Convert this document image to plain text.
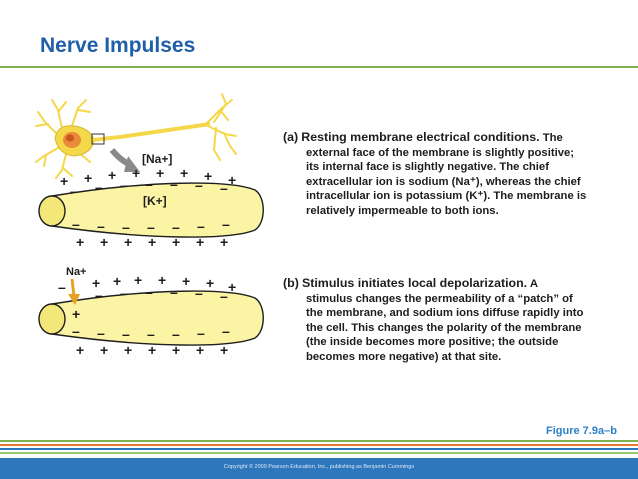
Nerve Impulses
[Na+]
[K+]
+ + + + + + + +
– – – – – – –
– – – – – – –
+ + + + + + +
Na+
+ + + + + + +
–
+
– – – – – –
– – – – – – –
+ + + + + + +
(a) Resting membrane electrical conditions. The
external face of the membrane is slightly positive;
its internal face is slightly negative. The chief
extracellular ion is sodium (Na⁺), whereas the chief
intracellular ion is potassium (K⁺). The membrane is
relatively impermeable to both ions.
(b) Stimulus initiates local depolarization. A
stimulus changes the permeability of a “patch” of
the membrane, and sodium ions diffuse rapidly into
the cell. This changes the polarity of the membrane
(the inside becomes more positive; the outside
becomes more negative) at that site.
Figure 7.9a–b
Copyright © 2009 Pearson Education, Inc., publishing as Benjamin Cummings
